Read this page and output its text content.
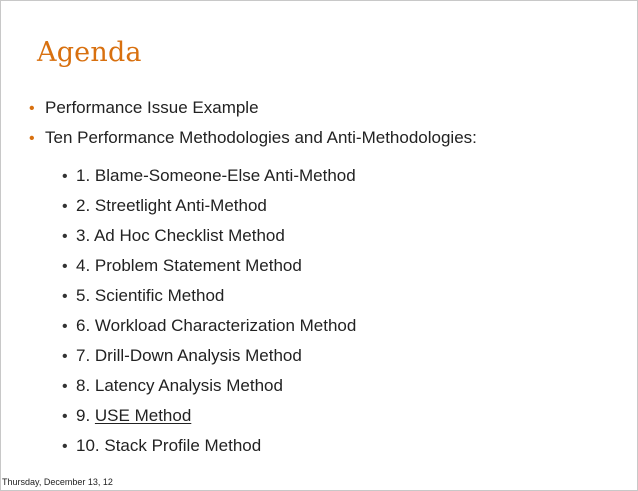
Agenda
• Performance Issue Example
• Ten Performance Methodologies and Anti-Methodologies:
• 1. Blame-Someone-Else Anti-Method
• 2. Streetlight Anti-Method
• 3. Ad Hoc Checklist Method
• 4. Problem Statement Method
• 5. Scientific Method
• 6. Workload Characterization Method
• 7. Drill-Down Analysis Method
• 8. Latency Analysis Method
• 9. USE Method
• 10. Stack Profile Method
Thursday, December 13, 12
